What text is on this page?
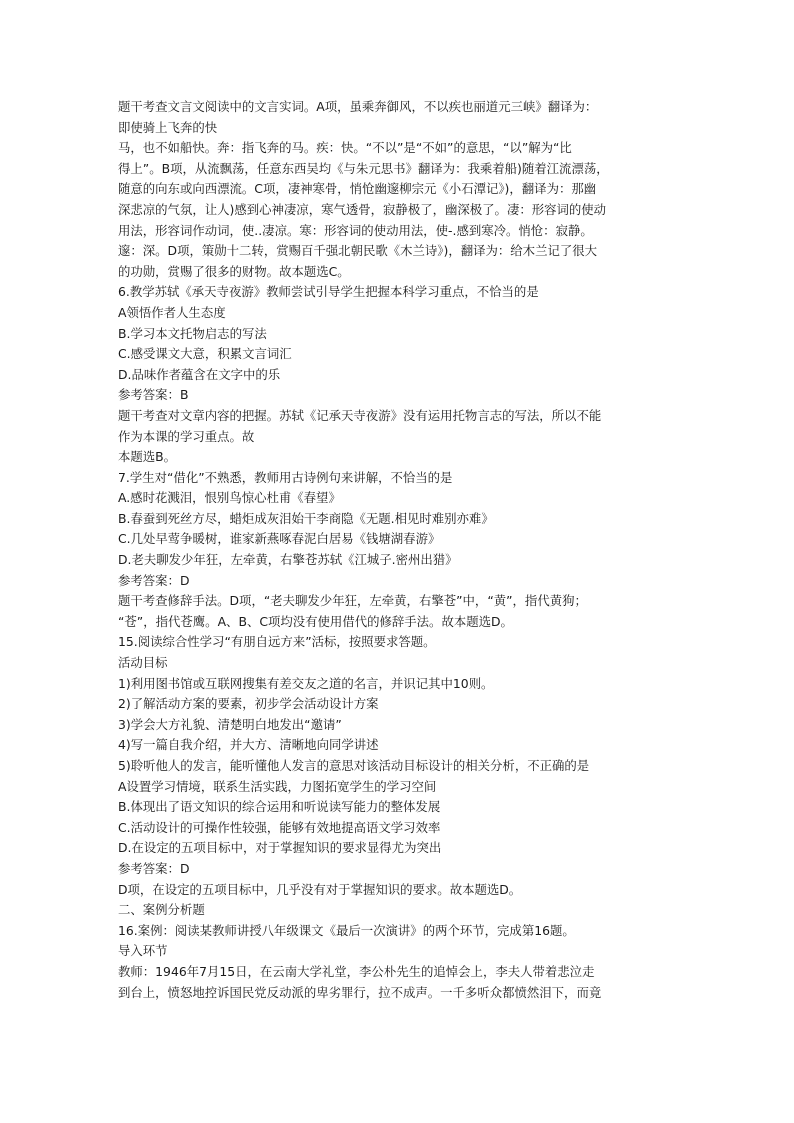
题干考查文言文阅读中的文言实词。A项，虽乘奔御风，不以疾也丽道元三峡》翻译为：
即使骑上飞奔的快
马，也不如船快。奔：指飞奔的马。疾：快。“不以”是“不如”的意思，“以”解为“比
得上”。B项，从流飘荡，任意东西吴均《与朱元思书》翻译为：我乘着船)随着江流漂荡，
随意的向东或向西漂流。C项，凄神寒骨，悄怆幽邃柳宗元《小石潭记》)，翻译为：那幽
深悲凉的气氛，让人)感到心神凄凉，寒气透骨，寂静极了，幽深极了。凄：形容词的使动
用法，形容词作动词，使..凄凉。寒：形容词的使动用法，使-.感到寒冷。悄怆：寂静。
邃：深。D项，策勋十二转，赏赐百千强北朝民歌《木兰诗》)，翻译为：给木兰记了很大
的功勋，赏赐了很多的财物。故本题选C。
6.教学苏轼《承天寺夜游》教师尝试引导学生把握本科学习重点，不恰当的是
A领悟作者人生态度
B.学习本文托物启志的写法
C.感受课文大意，积累文言词汇
D.品味作者蕴含在文字中的乐
参考答案：B
题干考查对文章内容的把握。苏轼《记承天寺夜游》没有运用托物言志的写法，所以不能
作为本课的学习重点。故
本题选B。
7.学生对“借化”不熟悉，教师用古诗例句来讲解，不恰当的是
A.感时花溅泪，恨别鸟惊心杜甫《春望》
B.春蚕到死丝方尽，蜡炬成灰泪始干李商隐《无题.相见时难别亦难》
C.几处早莺争暖树，谁家新燕啄春泥白居易《钱塘湖春游》
D.老夫聊发少年狂，左牵黄，右擎苍苏轼《江城子.密州出猎》
参考答案：D
题干考查修辞手法。D项，“老夫聊发少年狂，左牵黄，右擎苍”中，“黄”，指代黄狗；
“苍”，指代苍鹰。A、B、C项均没有使用借代的修辞手法。故本题选D。
15.阅读综合性学习“有朋自远方来”活标，按照要求答题。
活动目标
1)利用图书馆或互联网搜集有差交友之道的名言，并识记其中10则。
2)了解活动方案的要素，初步学会活动设计方案
3)学会大方礼貌、清楚明白地发出“邀请”
4)写一篇自我介绍，并大方、清晰地向同学讲述
5)聆听他人的发言，能听懂他人发言的意思对该活动目标设计的相关分析，不正确的是
A设置学习情境，联系生活实践，力图拓宽学生的学习空间
B.体现出了语文知识的综合运用和听说读写能力的整体发展
C.活动设计的可操作性较强，能够有效地提高语文学习效率
D.在设定的五项目标中，对于掌握知识的要求显得尤为突出
参考答案：D
D项，在设定的五项目标中，几乎没有对于掌握知识的要求。故本题选D。
二、案例分析题
16.案例：阅读某教师讲授八年级课文《最后一次演讲》的两个环节，完成第16题。
导入环节
教师：1946年7月15日，在云南大学礼堂，李公朴先生的追悼会上，李夫人带着悲泣走
到台上，愤怒地控诉国民党反动派的卑劣罪行，拉不成声。一千多听众都愤然泪下，而竟
